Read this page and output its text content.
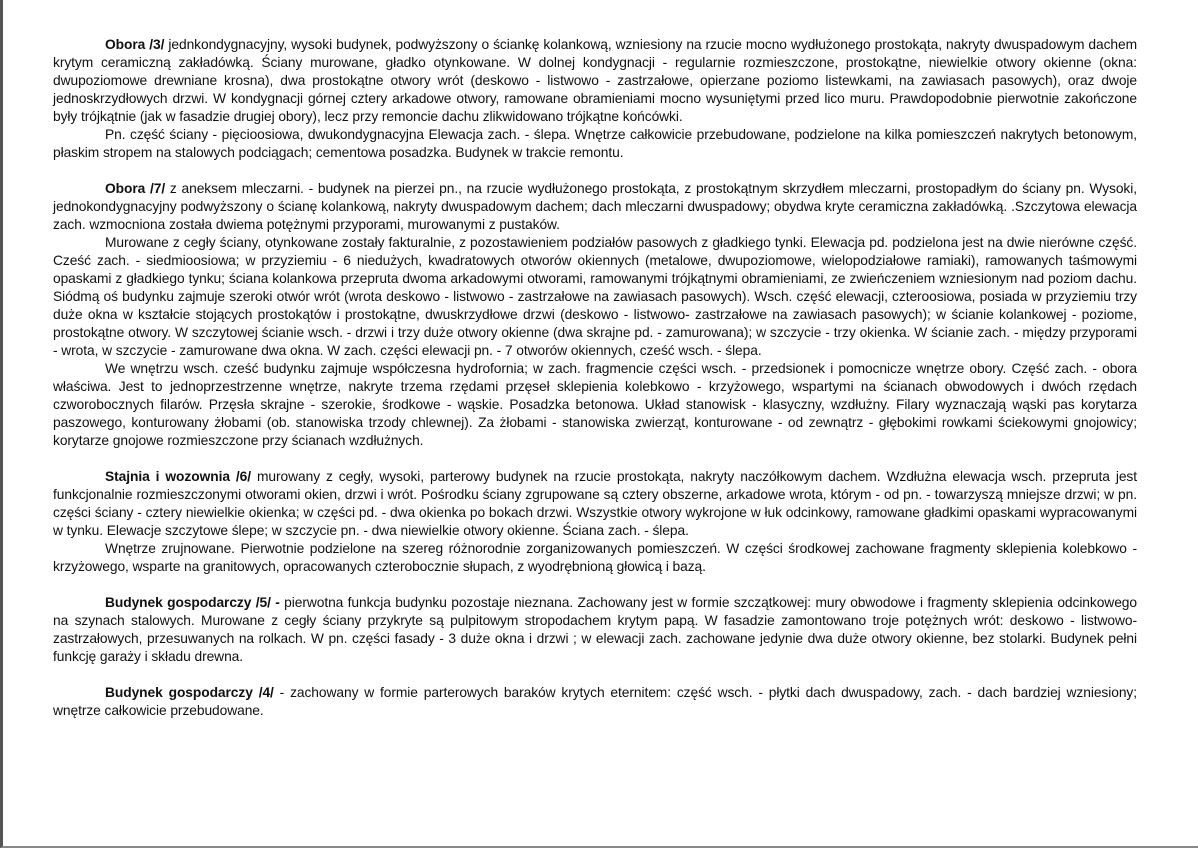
Obora /3/ jednkondygnacyjny, wysoki budynek, podwyższony o ściankę kolankową, wzniesiony na rzucie mocno wydłużonego prostokąta, nakryty dwuspadowym dachem krytym ceramiczną zakładówką. Ściany murowane, gładko otynkowane. W dolnej kondygnacji - regularnie rozmieszczone, prostokątne, niewielkie otwory okienne (okna: dwupoziomowe drewniane krosna), dwa prostokątne otwory wrót (deskowo - listwowo - zastrzałowe, opierzane poziomo listewkami, na zawiasach pasowych), oraz dwoje jednoskrzydłowych drzwi. W kondygnacji górnej cztery arkadowe otwory, ramowane obramieniami mocno wysuniętymi przed lico muru. Prawdopodobnie pierwotnie zakończone były trójkątnie (jak w fasadzie drugiej obory), lecz przy remoncie dachu zlikwidowano trójkątne końcówki.

Pn. część ściany - pięcioosiowa, dwukondygnacyjna Elewacja zach. - ślepa. Wnętrze całkowicie przebudowane, podzielone na kilka pomieszczeń nakrytych betonowym, płaskim stropem na stalowych podciągach; cementowa posadzka. Budynek w trakcie remontu.

Obora /7/ z aneksem mleczarni. - budynek na pierzei pn., na rzucie wydłużonego prostokąta, z prostokątnym skrzydłem mleczarni, prostopadłym do ściany pn. Wysoki, jednokondygnacyjny podwyższony o ścianę kolankową, nakryty dwuspadowym dachem; dach mleczarni dwuspadowy; obydwa kryte ceramiczna zakładówką. .Szczytowa elewacja zach. wzmocniona została dwiema potężnymi przyporami, murowanymi z pustaków.

Murowane z cegły ściany, otynkowane zostały fakturalnie, z pozostawieniem podziałów pasowych z gładkiego tynki. Elewacja pd. podzielona jest na dwie nierówne część. Cześć zach. - siedmioosiowa; w przyziemiu - 6 niedużych, kwadratowych otworów okiennych (metalowe, dwupoziomowe, wielopodziałowe ramiaki), ramowanych taśmowymi opaskami z gładkiego tynku; ściana kolankowa przepruta dwoma arkadowymi otworami, ramowanymi trójkątnymi obramieniami, ze zwieńczeniem wzniesionym nad poziom dachu. Siódmą oś budynku zajmuje szeroki otwór wrót (wrota deskowo - listwowo - zastrzałowe na zawiasach pasowych). Wsch. część elewacji, czteroosiowa, posiada w przyziemiu trzy duże okna w kształcie stojących prostokątów i prostokątne, dwuskrzydłowe drzwi (deskowo - listwowo- zastrzałowe na zawiasach pasowych); w ścianie kolankowej - poziome, prostokątne otwory. W szczytowej ścianie wsch. - drzwi i trzy duże otwory okienne (dwa skrajne pd. - zamurowana); w szczycie - trzy okienka. W ścianie zach. - między przyporami - wrota, w szczycie - zamurowane dwa okna. W zach. części elewacji pn. - 7 otworów okiennych, cześć wsch. - ślepa.

We wnętrzu wsch. cześć budynku zajmuje współczesna hydrofornia; w zach. fragmencie części wsch. - przedsionek i pomocnicze wnętrze obory. Część zach. - obora właściwa. Jest to jednoprzestrzenne wnętrze, nakryte trzema rzędami przęseł sklepienia kolebkowo - krzyżowego, wspartymi na ścianach obwodowych i dwóch rzędach czworobocznych filarów. Przęsła skrajne - szerokie, środkowe - wąskie. Posadzka betonowa. Układ stanowisk - klasyczny, wzdłużny. Filary wyznaczają wąski pas korytarza paszowego, konturowany żłobami (ob. stanowiska trzody chlewnej). Za żłobami - stanowiska zwierząt, konturowane - od zewnątrz - głębokimi rowkami ściekowymi gnojowicy; korytarze gnojowe rozmieszczone przy ścianach wzdłużnych.

Stajnia i wozownia /6/ murowany z cegły, wysoki, parterowy budynek na rzucie prostokąta, nakryty naczółkowym dachem. Wzdłużna elewacja wsch. przepruta jest funkcjonalnie rozmieszczonymi otworami okien, drzwi i wrót. Pośrodku ściany zgrupowane są cztery obszerne, arkadowe wrota, którym - od pn. - towarzyszą mniejsze drzwi; w pn. części ściany - cztery niewielkie okienka; w części pd. - dwa okienka po bokach drzwi. Wszystkie otwory wykrojone w łuk odcinkowy, ramowane gładkimi opaskami wypracowanymi w tynku. Elewacje szczytowe ślepe; w szczycie pn. - dwa niewielkie otwory okienne. Ściana zach. - ślepa.

Wnętrze zrujnowane. Pierwotnie podzielone na szereg różnorodnie zorganizowanych pomieszczeń. W części środkowej zachowane fragmenty sklepienia kolebkowo - krzyżowego, wsparte na granitowych, opracowanych czterobocznie słupach, z wyodrębnioną głowicą i bazą.

Budynek gospodarczy /5/ - pierwotna funkcja budynku pozostaje nieznana. Zachowany jest w formie szczątkowej: mury obwodowe i fragmenty sklepienia odcinkowego na szynach stalowych. Murowane z cegły ściany przykryte są pulpitowym stropodachem krytym papą. W fasadzie zamontowano troje potężnych wrót: deskowo - listwowo- zastrzałowych, przesuwanych na rolkach. W pn. części fasady - 3 duże okna i drzwi ; w elewacji zach. zachowane jedynie dwa duże otwory okienne, bez stolarki. Budynek pełni funkcję garaży i składu drewna.

Budynek gospodarczy /4/ - zachowany w formie parterowych baraków krytych eternitem: część wsch. - płytki dach dwuspadowy, zach. - dach bardziej wzniesiony; wnętrze całkowicie przebudowane.
